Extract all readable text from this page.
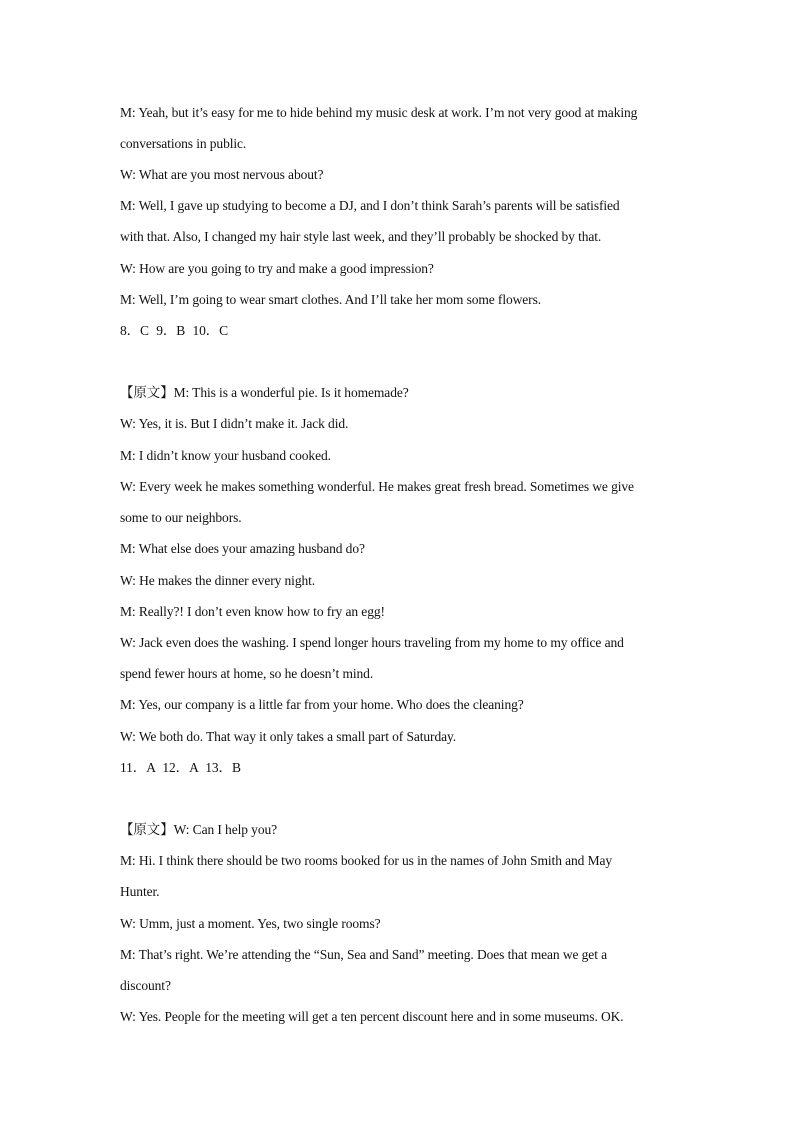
M: Yeah, but it’s easy for me to hide behind my music desk at work. I’m not very good at making
conversations in public.
W: What are you most nervous about?
M: Well, I gave up studying to become a DJ, and I don’t think Sarah’s parents will be satisfied
with that. Also, I changed my hair style last week, and they’ll probably be shocked by that.
W: How are you going to try and make a good impression?
M: Well, I’m going to wear smart clothes. And I’ll take her mom some flowers.
8．C 9．B 10．C
【原文】M: This is a wonderful pie. Is it homemade?
W: Yes, it is. But I didn’t make it. Jack did.
M: I didn’t know your husband cooked.
W: Every week he makes something wonderful. He makes great fresh bread. Sometimes we give
some to our neighbors.
M: What else does your amazing husband do?
W: He makes the dinner every night.
M: Really?! I don’t even know how to fry an egg!
W: Jack even does the washing. I spend longer hours traveling from my home to my office and
spend fewer hours at home, so he doesn’t mind.
M: Yes, our company is a little far from your home. Who does the cleaning?
W: We both do. That way it only takes a small part of Saturday.
11．A 12．A 13．B
【原文】W: Can I help you?
M: Hi. I think there should be two rooms booked for us in the names of John Smith and May
Hunter.
W: Umm, just a moment. Yes, two single rooms?
M: That’s right. We’re attending the “Sun, Sea and Sand” meeting. Does that mean we get a
discount?
W: Yes. People for the meeting will get a ten percent discount here and in some museums. OK.
